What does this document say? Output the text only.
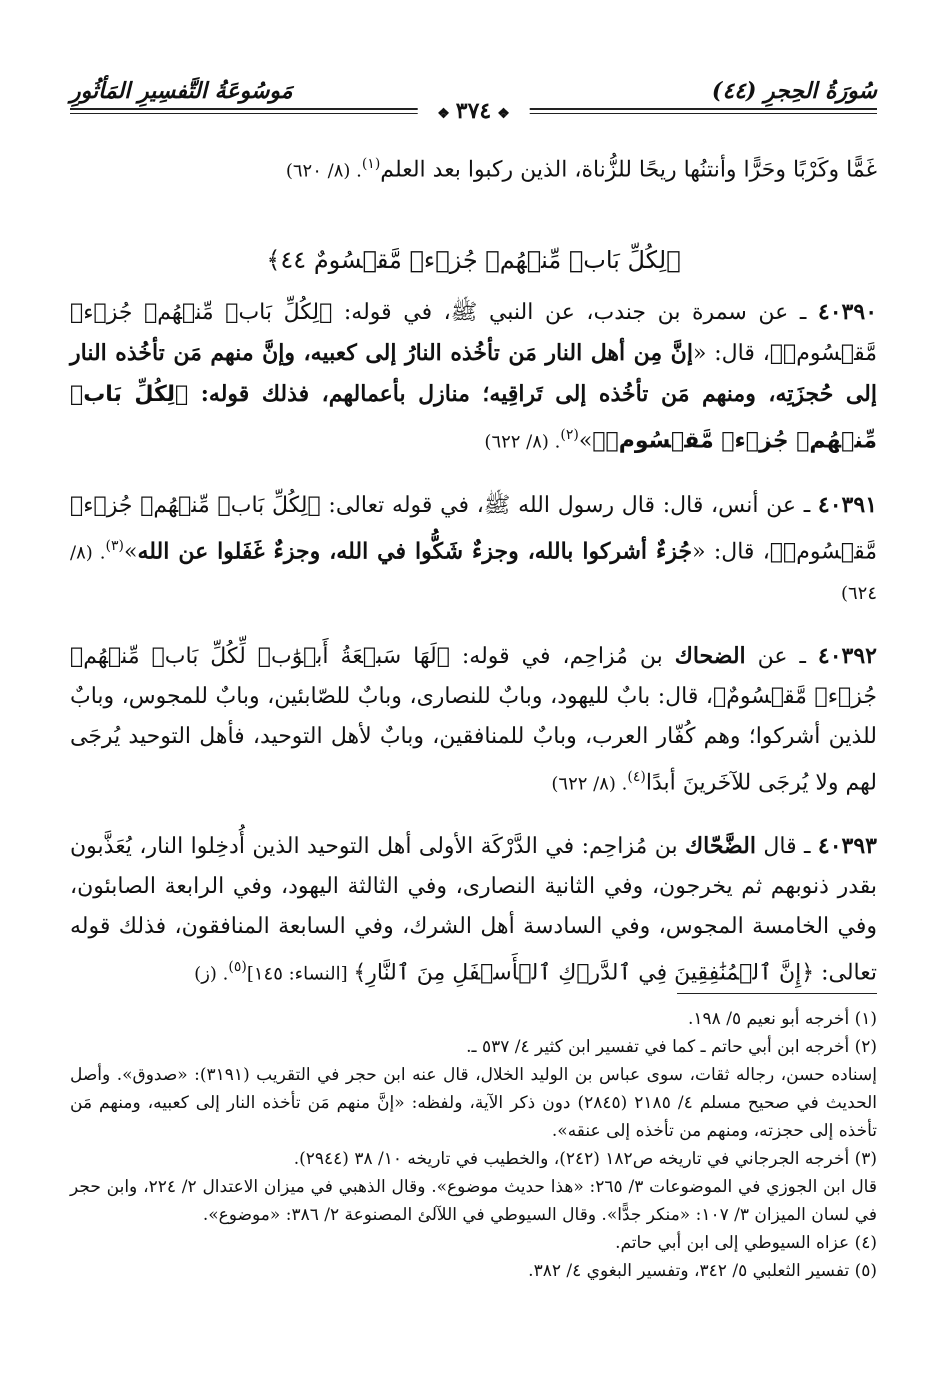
سُورَةُ الحِجرِ (٤٤)
مَوسُوعَةُ التَّفسِيرِ المَأثُورِ
❖٣٧٤❖
غَمًّا وكَرْبًا وحَرًّا وأنتنُها ريحًا للزُّناة، الذين ركبوا بعد العلم$^{(١)}$. (٨/ ٦٢٠)
﴿لِكُلِّ بَابٖ مِّنۡهُمۡ جُزۡءٞ مَّقۡسُومٌ ٤٤﴾

٤٠٣٩٠ ـ عن سمرة بن جندب، عن النبي ﷺ، في قوله: ﴿لِكُلِّ بَابٖ مِّنۡهُمۡ جُزۡءٞ مَّقۡسُومٞ﴾، قال: «إنَّ مِن أهل النار مَن تأخُذه النارُ إلى كعبيه، وإنَّ منهم مَن تأخُذه النار إلى حُجزَتِه، ومنهم مَن تأخُذه إلى تَراقِيه؛ منازل بأعمالهم، فذلك قوله: ﴿لِكُلِّ بَابٖ مِّنۡهُمۡ جُزۡءٞ مَّقۡسُومٞ﴾»$^{(٢)}$. (٨/ ٦٢٢)

٤٠٣٩١ ـ عن أنس، قال: قال رسول الله ﷺ، في قوله تعالى: ﴿لِكُلِّ بَابٖ مِّنۡهُمۡ جُزۡءٞ مَّقۡسُومٞ﴾، قال: «جُزءٌ أشركوا بالله، وجزءٌ شَكُّوا في الله، وجزءٌ غَفَلوا عن الله»$^{(٣)}$. (٨/ ٦٢٤)

٤٠٣٩٢ ـ عن الضحاك بن مُزاحِم، في قوله: ﴿لَهَا سَبۡعَةُ أَبۡوَٰبٖ لِّكُلِّ بَابٖ مِّنۡهُمۡ جُزۡءٞ مَّقۡسُومٌ﴾، قال: بابٌ لليهود، وبابٌ للنصارى، وبابٌ للصّابئين، وبابٌ للمجوس، وبابٌ للذين أشركوا؛ وهم كُفّار العرب، وبابٌ للمنافقين، وبابٌ لأهل التوحيد، فأهل التوحيد يُرجَى لهم ولا يُرجَى للآخَرينَ أبدًا$^{(٤)}$. (٨/ ٦٢٢)

٤٠٣٩٣ ـ قال الضَّحّاك بن مُزاحِم: في الدَّرْكَة الأولى أهل التوحيد الذين أُدخِلوا النار، يُعَذَّبون بقدر ذنوبهم ثم يخرجون، وفي الثانية النصارى، وفي الثالثة اليهود، وفي الرابعة الصابئون، وفي الخامسة المجوس، وفي السادسة أهل الشرك، وفي السابعة المنافقون، فذلك قوله تعالى: ﴿إِنَّ ٱلۡمُنَٰفِقِينَ فِي ٱلدَّرۡكِ ٱلۡأَسۡفَلِ مِنَ ٱلنَّارِ﴾ [النساء: ١٤٥]$^{(٥)}$. (ز)

(١) أخرجه أبو نعيم ٥/ ١٩٨.

(٢) أخرجه ابن أبي حاتم ـ كما في تفسير ابن كثير ٤/ ٥٣٧ ـ.

إسناده حسن، رجاله ثقات، سوى عباس بن الوليد الخلال، قال عنه ابن حجر في التقريب (٣١٩١): «صدوق». وأصل الحديث في صحيح مسلم ٤/ ٢١٨٥ (٢٨٤٥) دون ذكر الآية، ولفظه: «إنَّ منهم مَن تأخذه النار إلى كعبيه، ومنهم مَن تأخذه إلى حجزته، ومنهم من تأخذه إلى عنقه».

(٣) أخرجه الجرجاني في تاريخه ص١٨٢ (٢٤٢)، والخطيب في تاريخه ١٠/ ٣٨ (٢٩٤٤).

قال ابن الجوزي في الموضوعات ٣/ ٢٦٥: «هذا حديث موضوع». وقال الذهبي في ميزان الاعتدال ٢/ ٢٢٤، وابن حجر في لسان الميزان ٣/ ١٠٧: «منكر جدًّا». وقال السيوطي في اللآلئ المصنوعة ٢/ ٣٨٦: «موضوع».

(٤) عزاه السيوطي إلى ابن أبي حاتم.

(٥) تفسير الثعلبي ٥/ ٣٤٢، وتفسير البغوي ٤/ ٣٨٢.
